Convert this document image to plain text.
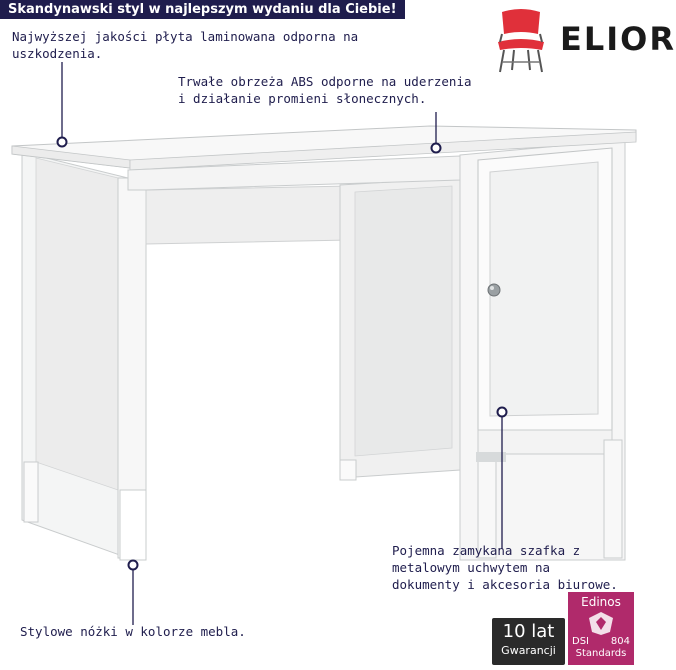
Skandynawski styl w najlepszym wydaniu dla Ciebie!
ELIOR
Najwyższej jakości płyta laminowana odporna na
uszkodzenia.
Trwałe obrzeża ABS odporne na uderzenia
i działanie promieni słonecznych.
Pojemna zamykana szafka z
metalowym uchwytem na
dokumenty i akcesoria biurowe.
Stylowe nóżki w kolorze mebla.	10 lat
Gwarancji
Edinos
DSI 804
Standards
